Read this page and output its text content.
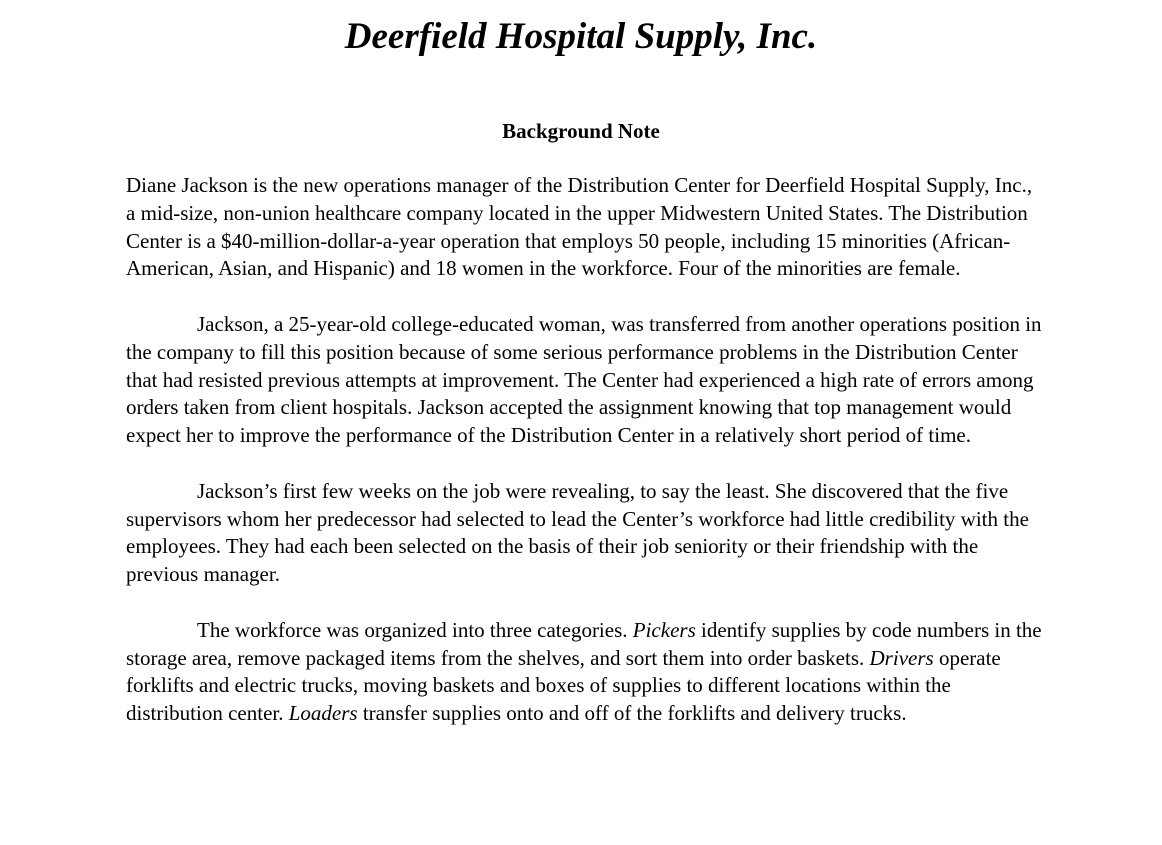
Deerfield Hospital Supply, Inc.
Background Note

Diane Jackson is the new operations manager of the Distribution Center for Deerfield Hospital Supply, Inc., a mid-size, non-union healthcare company located in the upper Midwestern United States. The Distribution Center is a $40-million-dollar-a-year operation that employs 50 people, including 15 minorities (African-American, Asian, and Hispanic) and 18 women in the workforce. Four of the minorities are female.

Jackson, a 25-year-old college-educated woman, was transferred from another operations position in the company to fill this position because of some serious performance problems in the Distribution Center that had resisted previous attempts at improvement. The Center had experienced a high rate of errors among orders taken from client hospitals. Jackson accepted the assignment knowing that top management would expect her to improve the performance of the Distribution Center in a relatively short period of time.

Jackson’s first few weeks on the job were revealing, to say the least. She discovered that the five supervisors whom her predecessor had selected to lead the Center’s workforce had little credibility with the employees. They had each been selected on the basis of their job seniority or their friendship with the previous manager.

The workforce was organized into three categories. Pickers identify supplies by code numbers in the storage area, remove packaged items from the shelves, and sort them into order baskets. Drivers operate forklifts and electric trucks, moving baskets and boxes of supplies to different locations within the distribution center. Loaders transfer supplies onto and off of the forklifts and delivery trucks.
